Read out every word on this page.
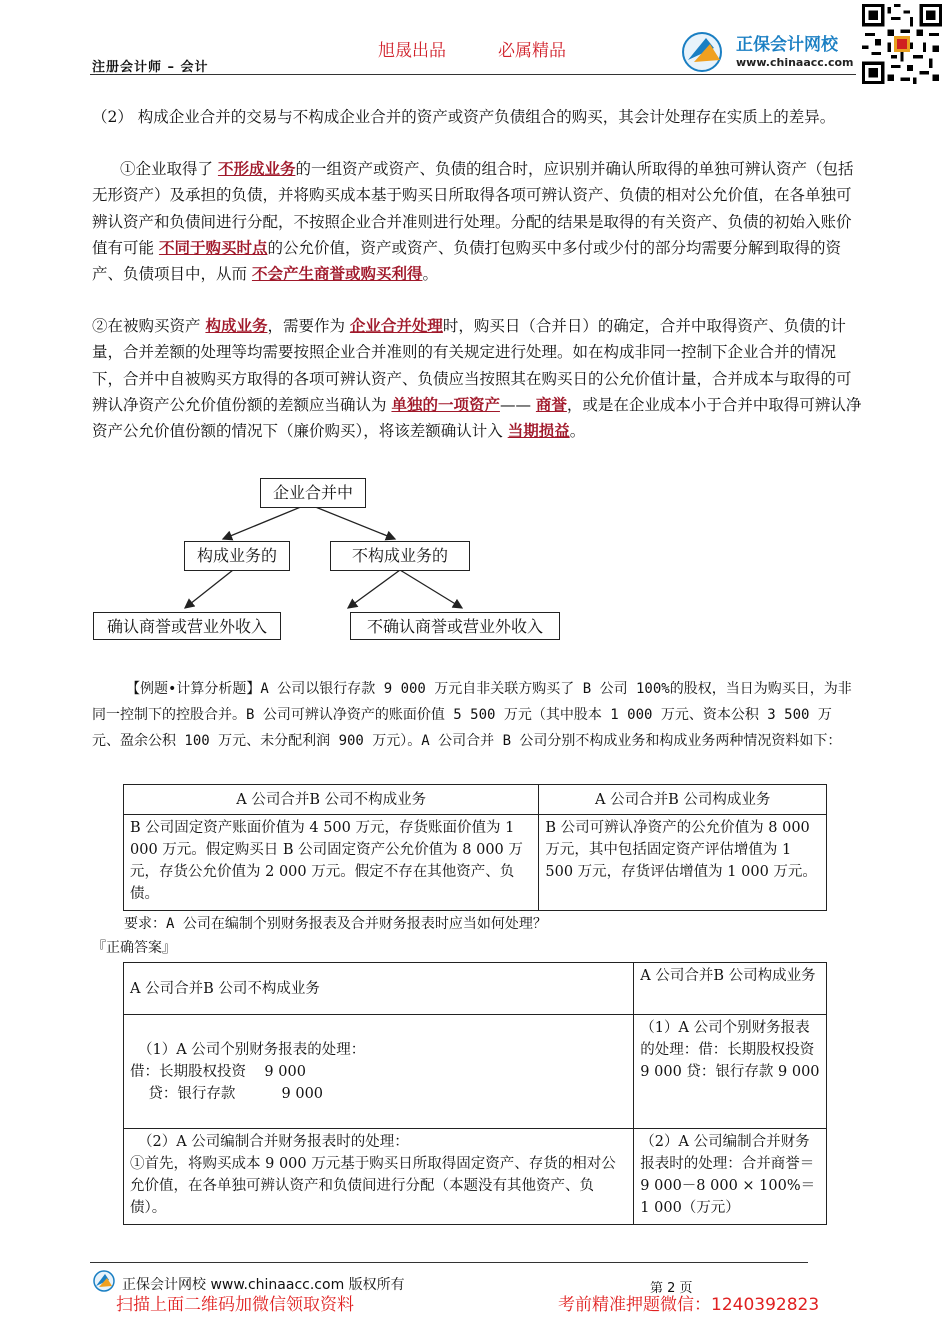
注册会计师 – 会计
旭晟出品	必属精品	正保会计网校
www.chinaacc.com
（2） 构成企业合并的交易与不构成企业合并的资产或资产负债组合的购买，其会计处理存在实质上的差异。
①企业取得了 不形成业务的一组资产或资产、负债的组合时，应识别并确认所取得的单独可辨认资产（包括无形资产）及承担的负债，并将购买成本基于购买日所取得各项可辨认资产、负债的相对公允价值，在各单独可辨认资产和负债间进行分配，不按照企业合并准则进行处理。分配的结果是取得的有关资产、负债的初始入账价值有可能 不同于购买时点的公允价值，资产或资产、负债打包购买中多付或少付的部分均需要分解到取得的资产、负债项目中，从而 不会产生商誉或购买利得。
②在被购买资产 构成业务，需要作为 企业合并处理时，购买日（合并日）的确定，合并中取得资产、负债的计量，合并差额的处理等均需要按照企业合并准则的有关规定进行处理。如在构成非同一控制下企业合并的情况下，合并中自被购买方取得的各项可辨认资产、负债应当按照其在购买日的公允价值计量，合并成本与取得的可辨认净资产公允价值份额的差额应当确认为 单独的一项资产—— 商誉，或是在企业成本小于合并中取得可辨认净资产公允价值份额的情况下（廉价购买），将该差额确认计入 当期损益。
企业合并中
构成业务的	不构成业务的
确认商誉或营业外收入	不确认商誉或营业外收入
【例题•计算分析题】A 公司以银行存款 9 000 万元自非关联方购买了 B 公司 100%的股权，当日为购买日，为非同一控制下的控股合并。B 公司可辨认净资产的账面价值 5 500 万元（其中股本 1 000 万元、资本公积 3 500 万元、盈余公积 100 万元、未分配利润 900 万元）。A 公司合并 B 公司分别不构成业务和构成业务两种情况资料如下：
A 公司合并B 公司不构成业务	A 公司合并B 公司构成业务
B 公司固定资产账面价值为 4 500 万元，存货账面价值为 1 000 万元。假定购买日 B 公司固定资产公允价值为 8 000 万元，存货公允价值为 2 000 万元。假定不存在其他资产、负债。	B 公司可辨认净资产的公允价值为 8 000 万元，其中包括固定资产评估增值为 1 500 万元，存货评估增值为 1 000 万元。
要求：A 公司在编制个别财务报表及合并财务报表时应当如何处理？
『正确答案』
A 公司合并B 公司不构成业务	A 公司合并B 公司构成业务

（1）A 公司个别财务报表的处理：
借：长期股权投资    9 000
贷：银行存款          9 000	（1）A 公司个别财务报表的处理：借：长期股权投资 9 000 贷：银行存款 9 000

（2）A 公司编制合并财务报表时的处理：
①首先，将购买成本 9 000 万元基于购买日所取得固定资产、存货的相对公允价值，在各单独可辨认资产和负债间进行分配（本题没有其他资产、负债）。	（2）A 公司编制合并财务报表时的处理：合并商誉＝9 000－8 000 × 100%＝1 000（万元）
正保会计网校 www.chinaacc.com 版权所有	第 2 页
扫描上面二维码加微信领取资料	考前精准押题微信：1240392823
